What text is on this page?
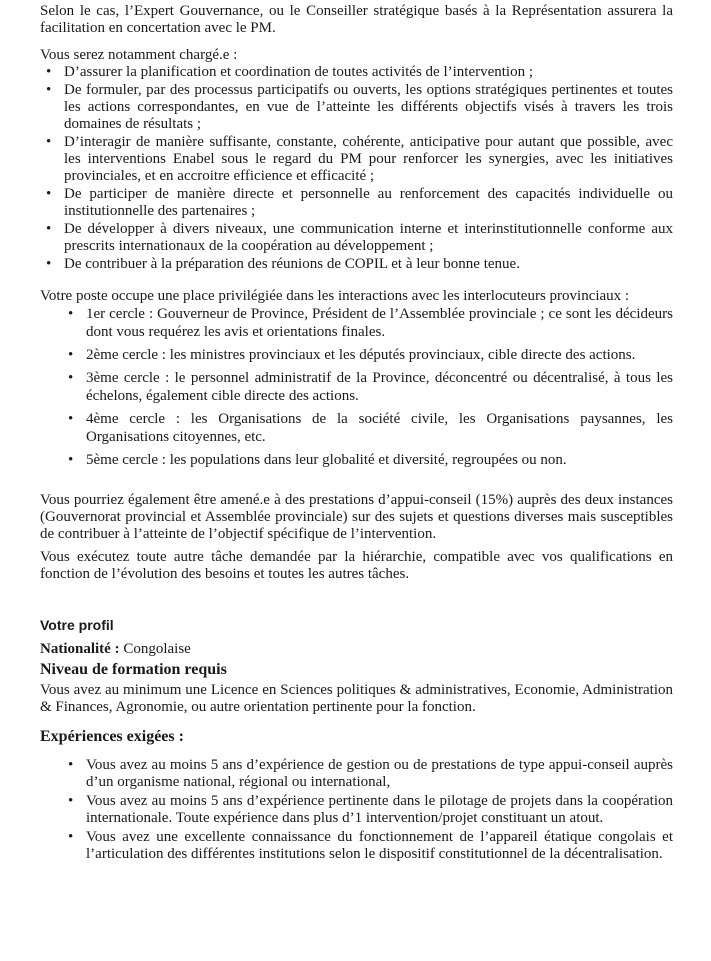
Selon le cas, l’Expert Gouvernance, ou le Conseiller stratégique basés à la Représentation assurera la facilitation en concertation avec le PM.

Vous serez notamment chargé.e :

• D’assurer la planification et coordination de toutes activités de l’intervention ;
• De formuler, par des processus participatifs ou ouverts, les options stratégiques pertinentes et toutes les actions correspondantes, en vue de l’atteinte les différents objectifs visés à travers les trois domaines de résultats ;
• D’interagir de manière suffisante, constante, cohérente, anticipative pour autant que possible, avec les interventions Enabel sous le regard du PM pour renforcer les synergies, avec les initiatives provinciales, et en accroitre efficience et efficacité ;
• De participer de manière directe et personnelle au renforcement des capacités individuelle ou institutionnelle des partenaires ;
• De développer à divers niveaux, une communication interne et interinstitutionnelle conforme aux prescrits internationaux de la coopération au développement ;
• De contribuer à la préparation des réunions de COPIL et à leur bonne tenue.

Votre poste occupe une place privilégiée dans les interactions avec les interlocuteurs provinciaux :

• 1er cercle : Gouverneur de Province, Président de l’Assemblée provinciale ; ce sont les décideurs dont vous requérez les avis et orientations finales.
• 2ème cercle : les ministres provinciaux et les députés provinciaux, cible directe des actions.
• 3ème cercle : le personnel administratif de la Province, déconcentré ou décentralisé, à tous les échelons, également cible directe des actions.
• 4ème cercle : les Organisations de la société civile, les Organisations paysannes, les Organisations citoyennes, etc.
• 5ème cercle : les populations dans leur globalité et diversité, regroupées ou non.

Vous pourriez également être amené.e à des prestations d’appui-conseil (15%) auprès des deux instances (Gouvernorat provincial et Assemblée provinciale) sur des sujets et questions diverses mais susceptibles de contribuer à l’atteinte de l’objectif spécifique de l’intervention.

Vous exécutez toute autre tâche demandée par la hiérarchie, compatible avec vos qualifications en fonction de l’évolution des besoins et toutes les autres tâches.

Votre profil

Nationalité : Congolaise

Niveau de formation requis

Vous avez au minimum une Licence en Sciences politiques & administratives, Economie, Administration & Finances, Agronomie, ou autre orientation pertinente pour la fonction.

Expériences exigées :
• Vous avez au moins 5 ans d’expérience de gestion ou de prestations de type appui-conseil auprès d’un organisme national, régional ou international,
• Vous avez au moins 5 ans d’expérience pertinente dans le pilotage de projets dans la coopération internationale. Toute expérience dans plus d’1 intervention/projet constituant un atout.
• Vous avez une excellente connaissance du fonctionnement de l’appareil étatique congolais et l’articulation des différentes institutions selon le dispositif constitutionnel de la décentralisation.
